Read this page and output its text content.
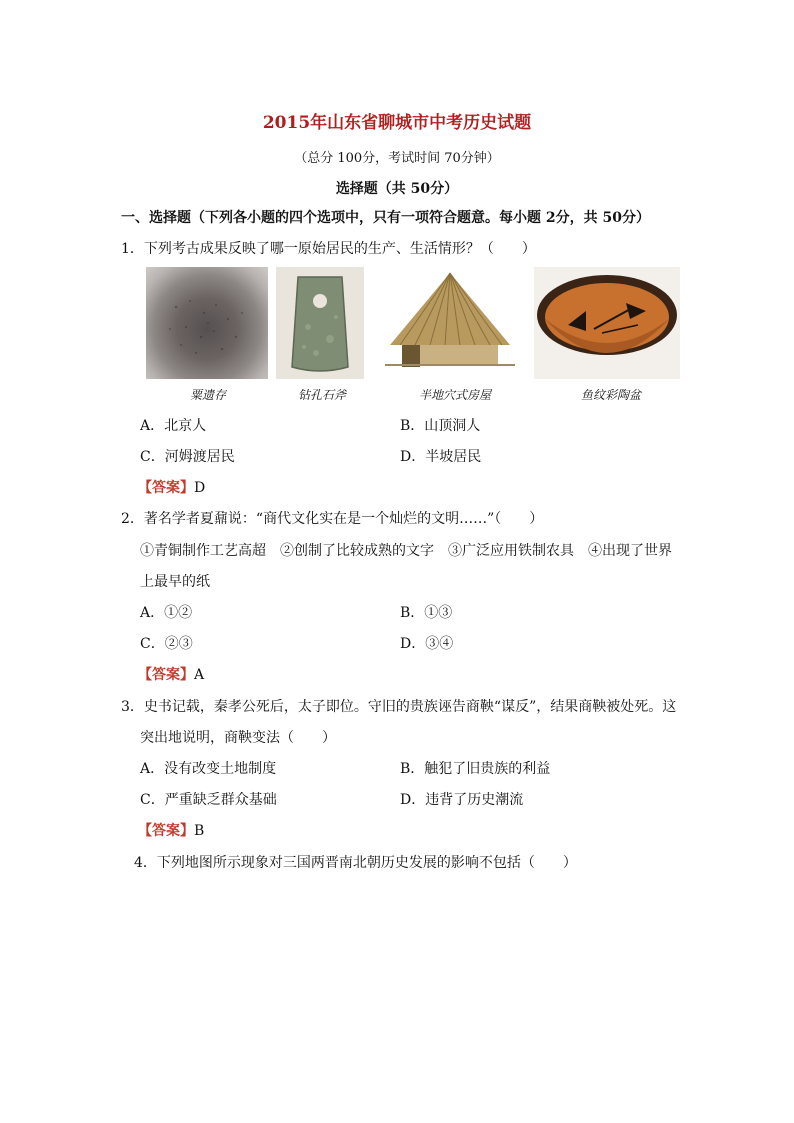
2015年山东省聊城市中考历史试题
（总分 100分，考试时间 70分钟）
选择题（共 50分）
一、选择题（下列各小题的四个选项中，只有一项符合题意。每小题 2分，共 50分）
1．下列考古成果反映了哪一原始居民的生产、生活情形？（　　）
粟遗存	钻孔石斧	半地穴式房屋	鱼纹彩陶盆
A．北京人	B．山顶洞人
C．河姆渡居民	D．半坡居民
【答案】D
2．著名学者夏鼐说：“商代文化实在是一个灿烂的文明……”（　　）
①青铜制作工艺高超　②创制了比较成熟的文字　③广泛应用铁制农具　④出现了世界
上最早的纸
A．①②	B．①③
C．②③	D．③④
【答案】A
3．史书记载，秦孝公死后，太子即位。守旧的贵族诬告商鞅“谋反”，结果商鞅被处死。这
突出地说明，商鞅变法（　　）
A．没有改变土地制度	B．触犯了旧贵族的利益
C．严重缺乏群众基础	D．违背了历史潮流
【答案】B
4．下列地图所示现象对三国两晋南北朝历史发展的影响不包括（　　）
